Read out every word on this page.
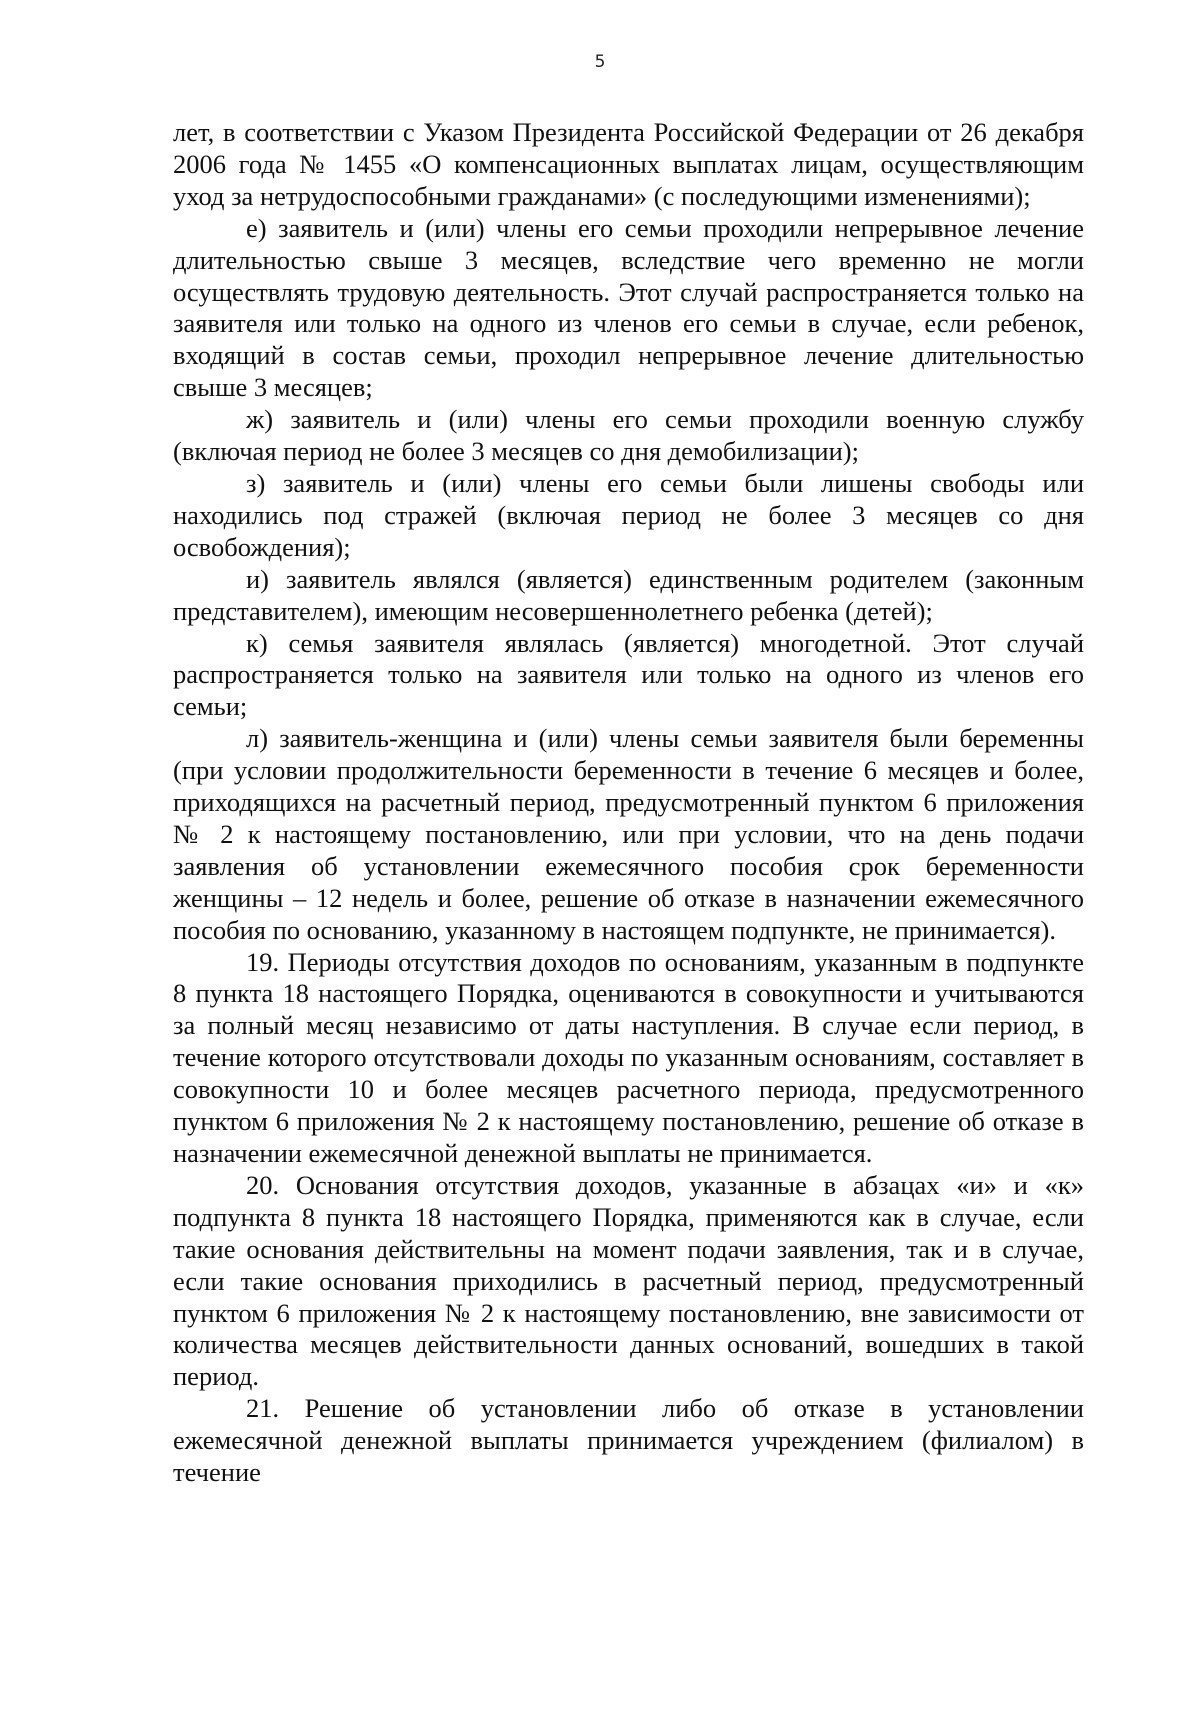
5

лет, в соответствии с Указом Президента Российской Федерации от 26 декабря 2006 года № 1455 «О компенсационных выплатах лицам, осуществляющим уход за нетрудоспособными гражданами» (с последующими изменениями);

е) заявитель и (или) члены его семьи проходили непрерывное лечение длительностью свыше 3 месяцев, вследствие чего временно не могли осуществлять трудовую деятельность. Этот случай распространяется только на заявителя или только на одного из членов его семьи в случае, если ребенок, входящий в состав семьи, проходил непрерывное лечение длительностью свыше 3 месяцев;

ж) заявитель и (или) члены его семьи проходили военную службу (включая период не более 3 месяцев со дня демобилизации);

з) заявитель и (или) члены его семьи были лишены свободы или находились под стражей (включая период не более 3 месяцев со дня освобождения);

и) заявитель являлся (является) единственным родителем (законным представителем), имеющим несовершеннолетнего ребенка (детей);

к) семья заявителя являлась (является) многодетной. Этот случай распространяется только на заявителя или только на одного из членов его семьи;

л) заявитель-женщина и (или) члены семьи заявителя были беременны (при условии продолжительности беременности в течение 6 месяцев и более, приходящихся на расчетный период, предусмотренный пунктом 6 приложения № 2 к настоящему постановлению, или при условии, что на день подачи заявления об установлении ежемесячного пособия срок беременности женщины – 12 недель и более, решение об отказе в назначении ежемесячного пособия по основанию, указанному в настоящем подпункте, не принимается).

19. Периоды отсутствия доходов по основаниям, указанным в подпункте 8 пункта 18 настоящего Порядка, оцениваются в совокупности и учитываются за полный месяц независимо от даты наступления. В случае если период, в течение которого отсутствовали доходы по указанным основаниям, составляет в совокупности 10 и более месяцев расчетного периода, предусмотренного пунктом 6 приложения № 2 к настоящему постановлению, решение об отказе в назначении ежемесячной денежной выплаты не принимается.

20. Основания отсутствия доходов, указанные в абзацах «и» и «к» подпункта 8 пункта 18 настоящего Порядка, применяются как в случае, если такие основания действительны на момент подачи заявления, так и в случае, если такие основания приходились в расчетный период, предусмотренный пунктом 6 приложения № 2 к настоящему постановлению, вне зависимости от количества месяцев действительности данных оснований, вошедших в такой период.

21. Решение об установлении либо об отказе в установлении ежемесячной денежной выплаты принимается учреждением (филиалом) в течение
